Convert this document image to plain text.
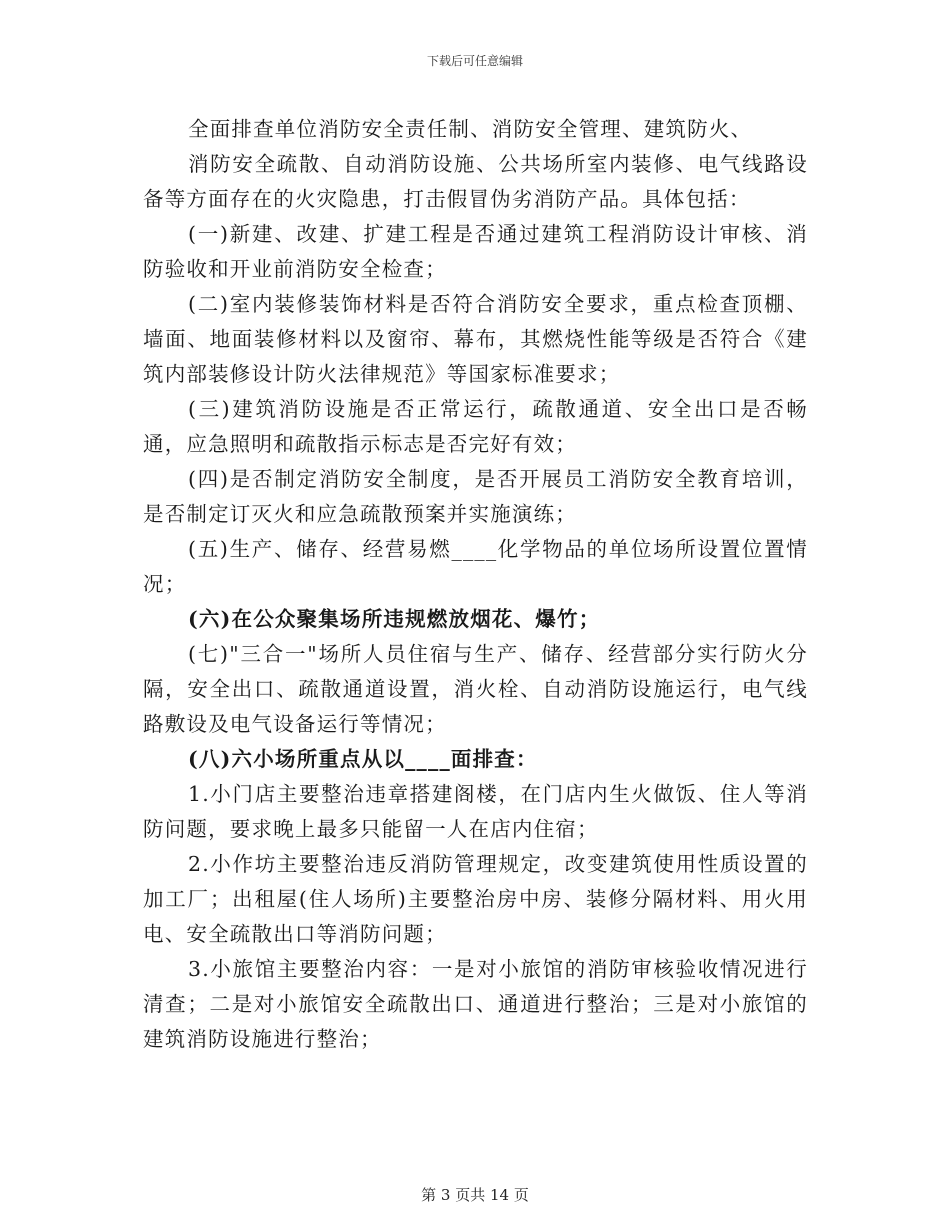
下载后可任意编辑

全面排查单位消防安全责任制、消防安全管理、建筑防火、

消防安全疏散、自动消防设施、公共场所室内装修、电气线路设备等方面存在的火灾隐患，打击假冒伪劣消防产品。具体包括：

(一)新建、改建、扩建工程是否通过建筑工程消防设计审核、消防验收和开业前消防安全检查；

(二)室内装修装饰材料是否符合消防安全要求，重点检查顶棚、墙面、地面装修材料以及窗帘、幕布，其燃烧性能等级是否符合《建筑内部装修设计防火法律规范》等国家标准要求；

(三)建筑消防设施是否正常运行，疏散通道、安全出口是否畅通，应急照明和疏散指示标志是否完好有效；

(四)是否制定消防安全制度，是否开展员工消防安全教育培训，是否制定订灭火和应急疏散预案并实施演练；

(五)生产、储存、经营易燃____化学物品的单位场所设置位置情况；

(六)在公众聚集场所违规燃放烟花、爆竹；

(七)"三合一"场所人员住宿与生产、储存、经营部分实行防火分隔，安全出口、疏散通道设置，消火栓、自动消防设施运行，电气线路敷设及电气设备运行等情况；

(八)六小场所重点从以____面排查：

1.小门店主要整治违章搭建阁楼，在门店内生火做饭、住人等消防问题，要求晚上最多只能留一人在店内住宿；

2.小作坊主要整治违反消防管理规定，改变建筑使用性质设置的加工厂；出租屋(住人场所)主要整治房中房、装修分隔材料、用火用电、安全疏散出口等消防问题；

3.小旅馆主要整治内容：一是对小旅馆的消防审核验收情况进行清查；二是对小旅馆安全疏散出口、通道进行整治；三是对小旅馆的建筑消防设施进行整治；

第 3 页共 14 页
